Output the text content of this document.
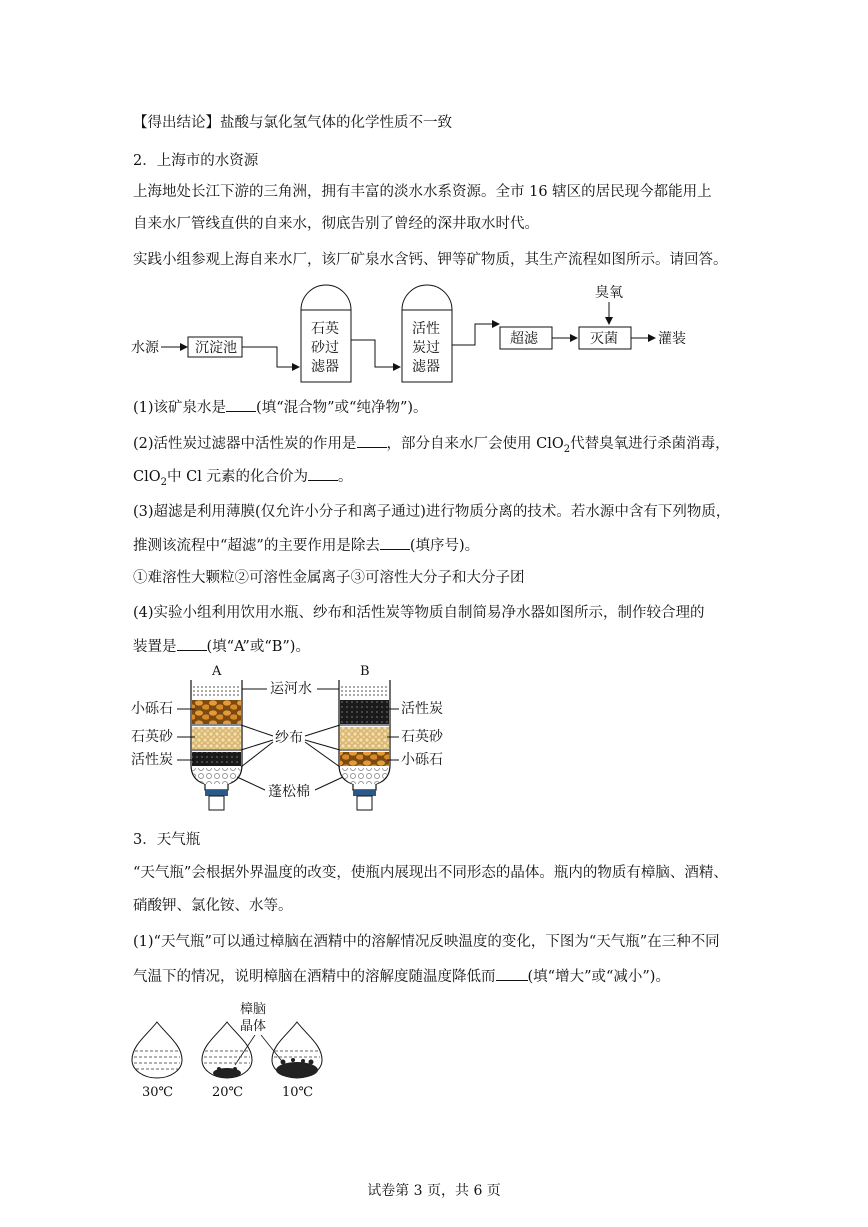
【得出结论】盐酸与氯化氢气体的化学性质不一致
2．上海市的水资源
上海地处长江下游的三角洲，拥有丰富的淡水水系资源。全市 16 辖区的居民现今都能用上
自来水厂管线直供的自来水，彻底告别了曾经的深井取水时代。
实践小组参观上海自来水厂，该厂矿泉水含钙、钾等矿物质，其生产流程如图所示。请回答。
水源	沉淀池
石英
砂过
滤器
活性
炭过
滤器
超滤
臭氧
灭菌	灌装
(1)该矿泉水是 (填“混合物”或“纯净物”)。
(2)活性炭过滤器中活性炭的作用是 ，部分自来水厂会使用 ClO$_2$代替臭氧进行杀菌消毒，
ClO$_2$中 Cl 元素的化合价为 。
(3)超滤是利用薄膜(仅允许小分子和离子通过)进行物质分离的技术。若水源中含有下列物质，
推测该流程中“超滤”的主要作用是除去 (填序号)。
①难溶性大颗粒②可溶性金属离子③可溶性大分子和大分子团
(4)实验小组利用饮用水瓶、纱布和活性炭等物质自制简易净水器如图所示，制作较合理的
装置是 (填“A”或“B”)。
A	B
小砾石
石英砂
活性炭
运河水
纱布
蓬松棉
活性炭
石英砂
小砾石
3．天气瓶
“天气瓶”会根据外界温度的改变，使瓶内展现出不同形态的晶体。瓶内的物质有樟脑、酒精、
硝酸钾、氯化铵、水等。
(1)“天气瓶”可以通过樟脑在酒精中的溶解情况反映温度的变化，下图为“天气瓶”在三种不同
气温下的情况，说明樟脑在酒精中的溶解度随温度降低而 (填“增大”或“减小”)。
樟脑
晶体
30℃	20℃	10℃
试卷第 3 页，共 6 页
